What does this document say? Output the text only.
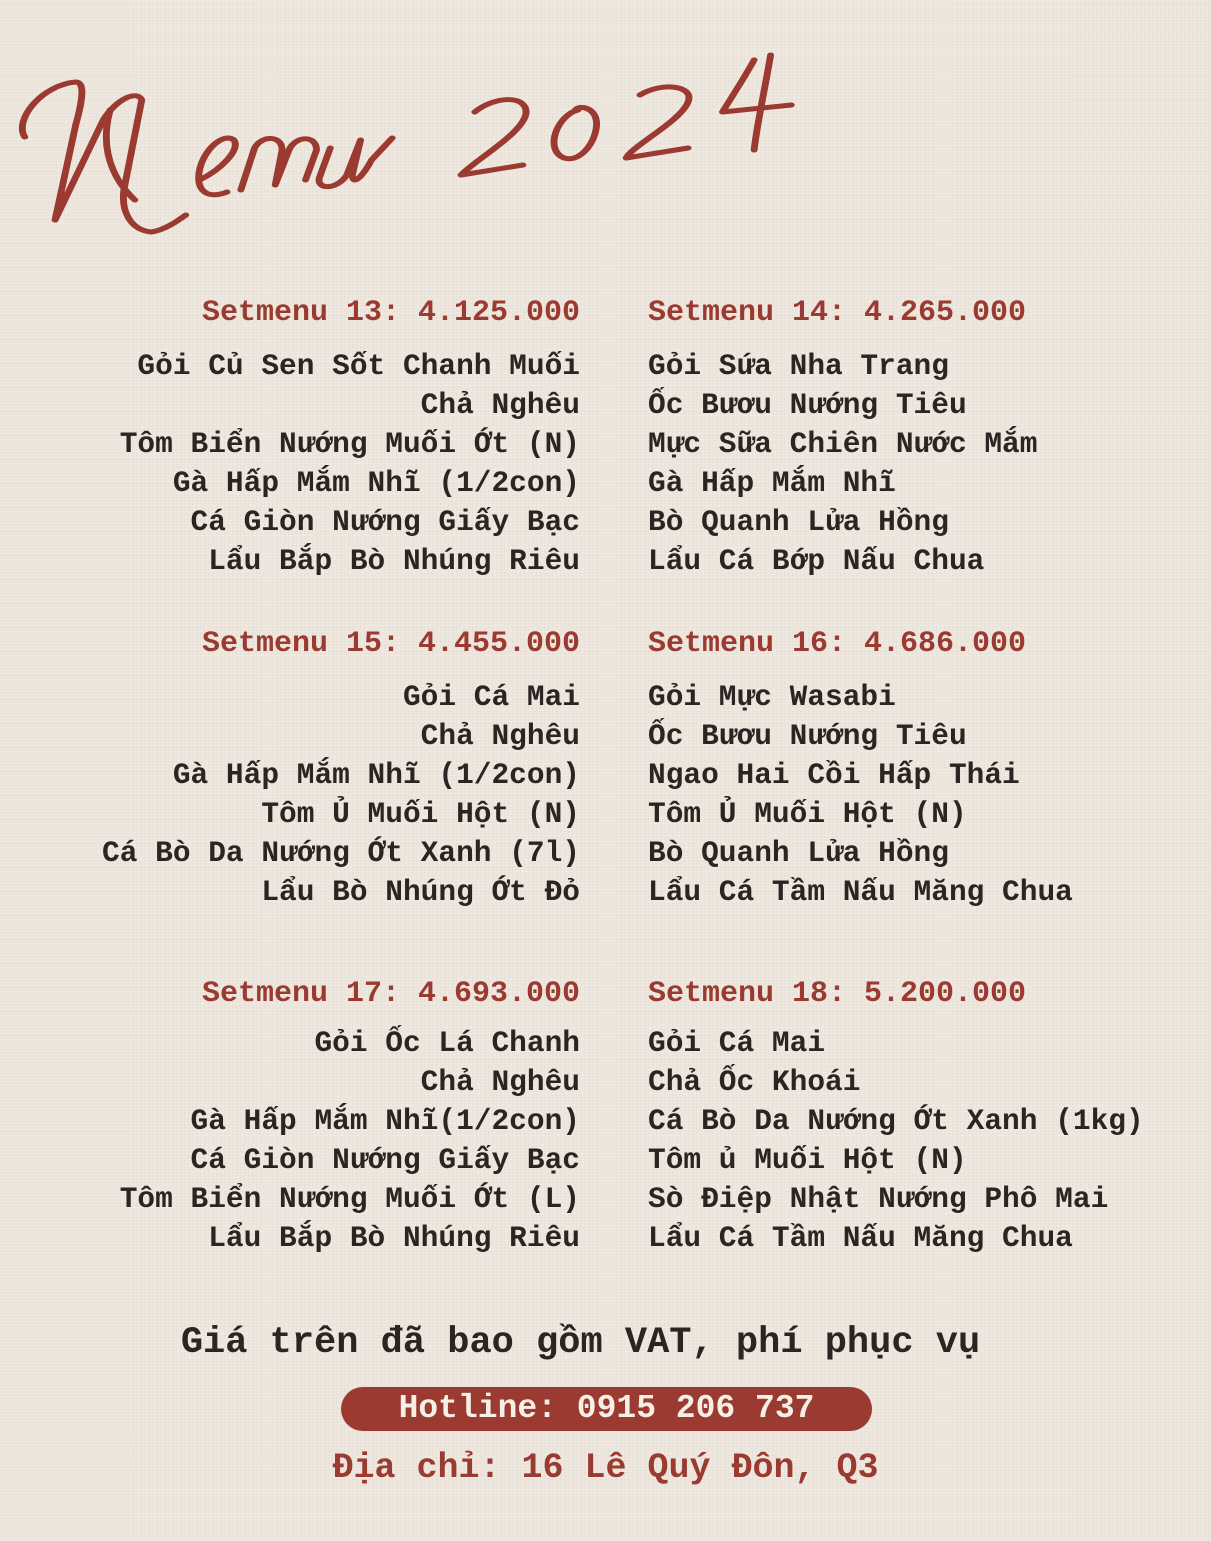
Setmenu 13: 4.125.000
Gỏi Củ Sen Sốt Chanh Muối
Chả Nghêu
Tôm Biển Nướng Muối Ớt (N)
Gà Hấp Mắm Nhĩ (1/2con)
Cá Giòn Nướng Giấy Bạc
Lẩu Bắp Bò Nhúng Riêu
Setmenu 14: 4.265.000
Gỏi Sứa Nha Trang
Ốc Bươu Nướng Tiêu
Mực Sữa Chiên Nước Mắm
Gà Hấp Mắm Nhĩ
Bò Quanh Lửa Hồng
Lẩu Cá Bớp Nấu Chua
Setmenu 15: 4.455.000
Gỏi Cá Mai
Chả Nghêu
Gà Hấp Mắm Nhĩ (1/2con)
Tôm Ủ Muối Hột (N)
Cá Bò Da Nướng Ớt Xanh (7l)
Lẩu Bò Nhúng Ớt Đỏ
Setmenu 16: 4.686.000
Gỏi Mực Wasabi
Ốc Bươu Nướng Tiêu
Ngao Hai Cồi Hấp Thái
Tôm Ủ Muối Hột (N)
Bò Quanh Lửa Hồng
Lẩu Cá Tầm Nấu Măng Chua
Setmenu 17: 4.693.000
Gỏi Ốc Lá Chanh
Chả Nghêu
Gà Hấp Mắm Nhĩ(1/2con)
Cá Giòn Nướng Giấy Bạc
Tôm Biển Nướng Muối Ớt (L)
Lẩu Bắp Bò Nhúng Riêu
Setmenu 18: 5.200.000
Gỏi Cá Mai
Chả Ốc Khoái
Cá Bò Da Nướng Ớt Xanh (1kg)
Tôm ủ Muối Hột (N)
Sò Điệp Nhật Nướng Phô Mai
Lẩu Cá Tầm Nấu Măng Chua
Giá trên đã bao gồm VAT, phí phục vụ
Hotline: 0915 206 737
Địa chỉ: 16 Lê Quý Đôn, Q3
